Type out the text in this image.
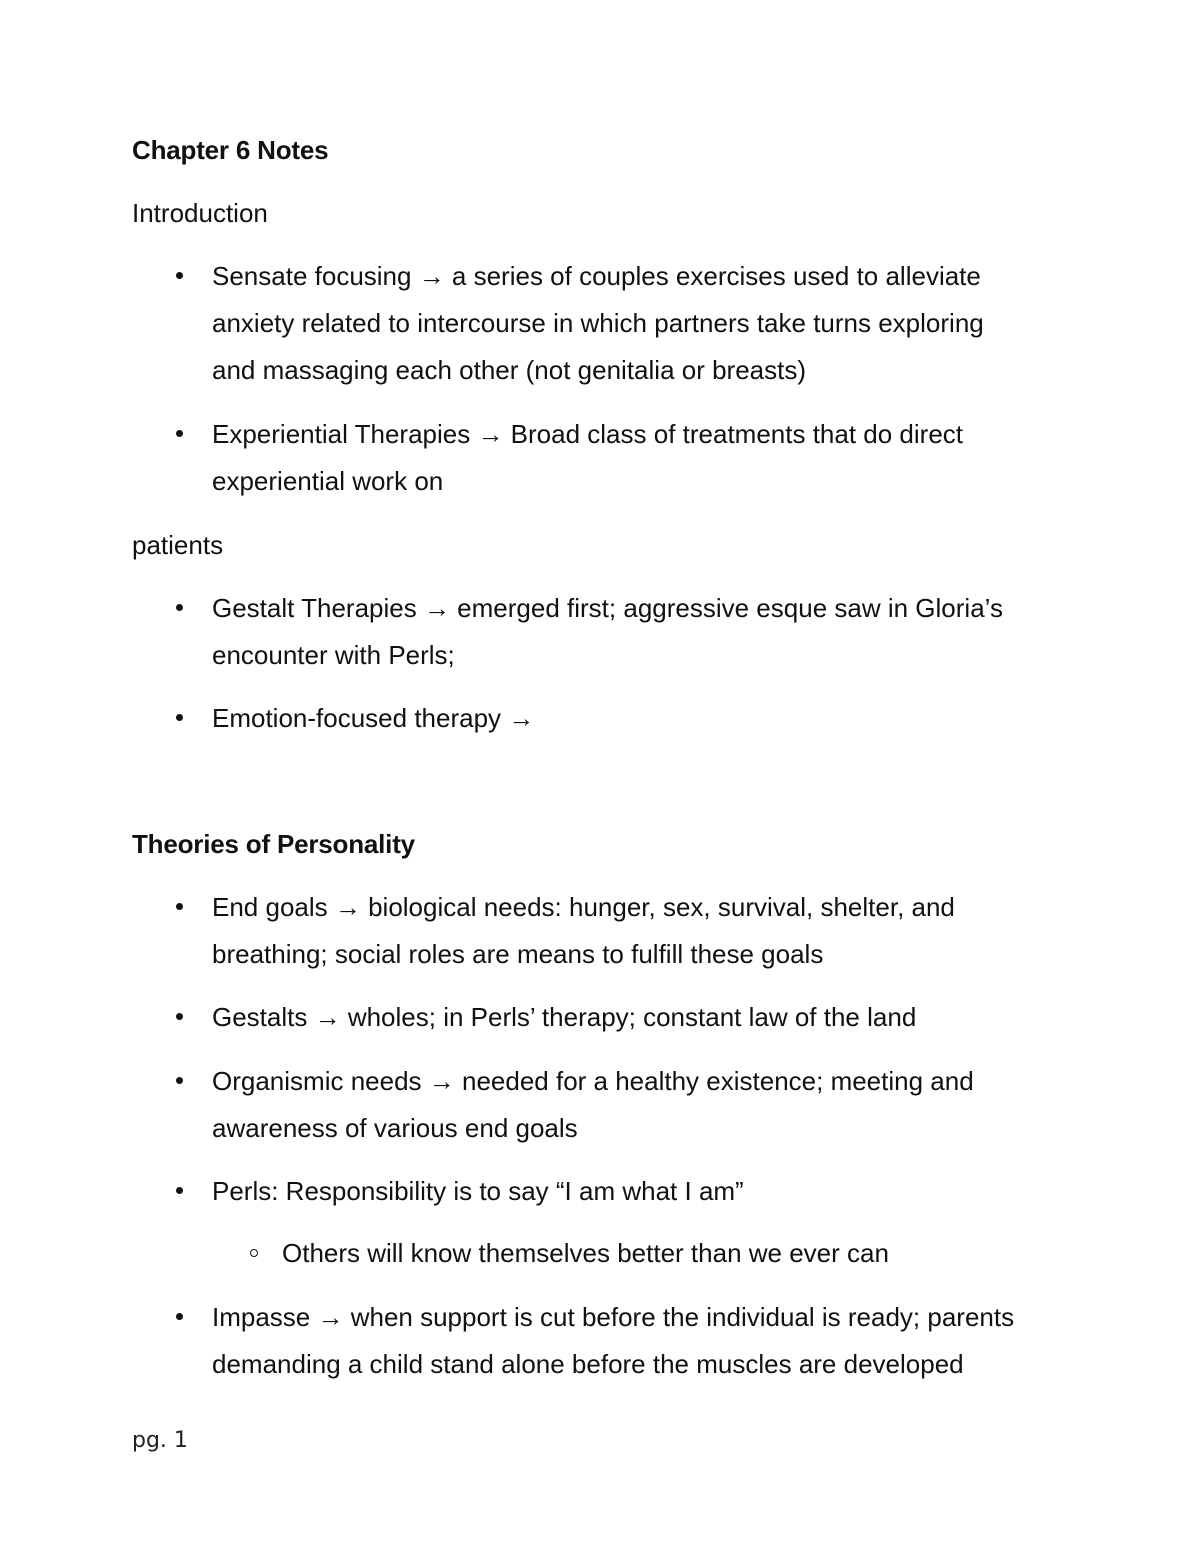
Chapter 6 Notes

Introduction

Sensate focusing → a series of couples exercises used to alleviate
anxiety related to intercourse in which partners take turns exploring
and massaging each other (not genitalia or breasts)
Experiential Therapies → Broad class of treatments that do direct
experiential work on

patients

Gestalt Therapies → emerged first; aggressive esque saw in Gloria’s
encounter with Perls;
Emotion-focused therapy →

Theories of Personality

End goals → biological needs: hunger, sex, survival, shelter, and
breathing; social roles are means to fulfill these goals
Gestalts → wholes; in Perls’ therapy; constant law of the land
Organismic needs → needed for a healthy existence; meeting and
awareness of various end goals
Perls: Responsibility is to say “I am what I am”
Others will know themselves better than we ever can
Impasse → when support is cut before the individual is ready; parents
demanding a child stand alone before the muscles are developed
pg. 1
